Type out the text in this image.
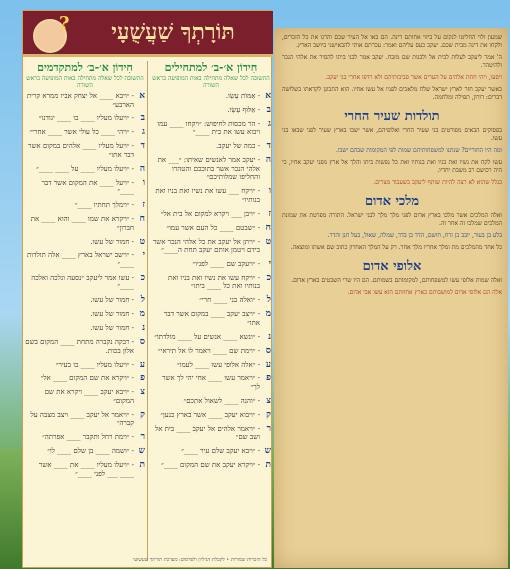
?	תּוֹרָתְךָ שַׁעֲשֻׁעָי
חִידוֹן א׳-ב׳ למתחילים
התשובה לכל שאלה מתחילה באות המופיעה בראש השורה
א
- אַמּוֹת עֵשָׂו.
ב
- אַלּוּף עֵשָׂו.
ג
- הר מכסות לחיפוש: ״ויקחו ____ עמו ויבוא עשו את בית ____״
ד
- כמה של יעקב.
ה
- יעקב אמר לאנשים שאיתו: ״___ את אלהי הנכר אשר בתוככם והטהרו והחליפו שמלותיכם״
ו
- ״ויקח ___ עשו את נשיו ואת בניו ואת בנותיו״
ז
- ״ויבן ___ ויקרא למקום אל בית אל״
ח
- ״שבטם ____ כל העם אשר עמו״
ט
- ״ויתן אל יעקב את כל אלהי הנכר אשר בידם ויטמן אותם יעקב תחת ה____״
י
- ״ויעקב שם ____ לפניו״
כ
- ״ויקח עשו את נשיו ואת בניו ואת בנותיו ואת כל ____ ביתו״
ל
- ״ואלה בני ____ חרי״
מ
- ״ויצב יעקב ____ במקום אשר דבר אתו״
נ
- ״ונשא ____ אנשים על ____ מולדתו״
ס
- ״וימת שם ____ ויאמר לו אל תיראי״
ע
- ״אלה אלופי עשו ____ לעמו״
פ
- ״ויאמר עשו ____ אחי יהי לך אשר לך״
צ
- ״והנה ____ לשאול אתכם״
ק
- ״ויבוא יעקב ____ אשר בארץ כנען״
ר
- ״ויאמר אלהים אל יעקב ____ בית אל ושב שם״
ש
- ״ויבא יעקב שלם עיר ____״
ת
- ״ויקרא יעקב את שם המקום ____״
חִידוֹן א׳-ב׳ למתקדמים
התשובה לכל שאלה מתחילה באות המופיעה בראש השורה
א
- ״ויבא ____ אל יצחק אביו ממרא קרית הארבע״
ב
- ״ויעלו מעליו ____ בו ____ יגודנו״
ג
- ״ויהי ____ כל עולי אשר ____ אחרי״
ד
- ״ויעל מעליו ____ אלהים במקום אשר דבר אתו״
ה
- ״ויעלו מעליו ____ על ____ ____״
ו
- ״ויעל ____ את המקום אשר דבר ____״
ז
- ״וימלך תחתיו ____״
ח
- ״ויקרא את שמו ____ והוא ____ את חברון״
ט
- חמור של עשו.
י
- ״וישב ישראל בארץ ____ אלה תולדות ____״
כ
- עשו אמר ליעקב ״נסעה ונלכה ואלכה ____״
ל
- חמור של עשו.
מ
- חמור של עשו.
נ
- חמור של עשו.
ס
- רבקה נקברה מתחת ____ המקום בשם אלון בכות.
ע
- ״ויעלו מעליו ____ בו בעיר״
פ
- ״ויקרא את שם המקום ____ אל״
צ
- ״ויבא יעקב ____ ויקרא את שם המקום״
ק
- ״ויאמר אל יעקב ____ ויצב מצבה על קברה״
ר
- ״וימת רחל ותקבר ____ אפרתה״
ש
- ״ושמה ____ בן שלם ____ לו״
ת
- ״ויעלו מעליו ____ את ____ אשר ____ ___ לפני ____״
כל הזכויות שמורות • לקבלת הגיליון ולפרסום: מערכת תורתך שעשועי
שמעון ולוי החליטו לנקום על ביזוי אחותם דינה. הם באו אל העיר שכם והרגו את כל הזכרים, ולקחו את דינה מבית שכם. יעקב כעס עליהם ואמר: עכרתם אותי להבאישני ביושב הארץ.
ה' אמר ליעקב לעלות לבית אל ולבנות שם מזבח. יעקב אמר לבני ביתו להסיר את אלהי הנכר ולהיטהר.
ויסעו, ויהי חתת אלהים על הערים אשר סביבותיהם ולא רדפו אחרי בני יעקב.
כאשר יעקב חזר לארץ ישראל שלח מלאכים לפניו אל עשו אחיו. הוא התכונן לקראתו בשלושה דברים: דורון, תפילה ומלחמה.
תולדות שעיר החרי
בפסוקים הבאים מפורטים בני שעיר החרי ואלופיהם, אשר ישבו בארץ שעיר לפני שבאו בני עשו.
ומה היו החוריים? שנתנו למשפחותיהם שמות לפי המקומות שבהם ישבו.
עשו לקח את נשיו ואת בניו ואת בנותיו ואת כל נפשות ביתו והלך אל ארץ מפני יעקב אחיו, כי היה רכושם רב משבת יחדיו.
בגלל שהוא לא רצה להיות שותף ליעקב בשעבוד מצרים.
מלכי אדום
ואלה המלכים אשר מלכו בארץ אדום לפני מלך מלך לבני ישראל. התורה מפרטת את שמונת המלכים שמלכו זה אחר זה.
בלע בן בעור, יובב בן זרח, חושם, הדד בן בדד, שמלה, שאול, בעל חנן והדר.
כל אחד מהמלכים מת ומלך אחריו מלך אחר. רק על המלך האחרון כתוב שם אשתו ומוצאה.
אלופי אדום
ואלה שמות אלופי עשו למשפחותם, למקומותם בשמותם. הם היו שרי השבטים בארץ אדום.
אלה הם אלופי אדום למושבותם בארץ אחוזתם הוא עשו אבי אדום.
